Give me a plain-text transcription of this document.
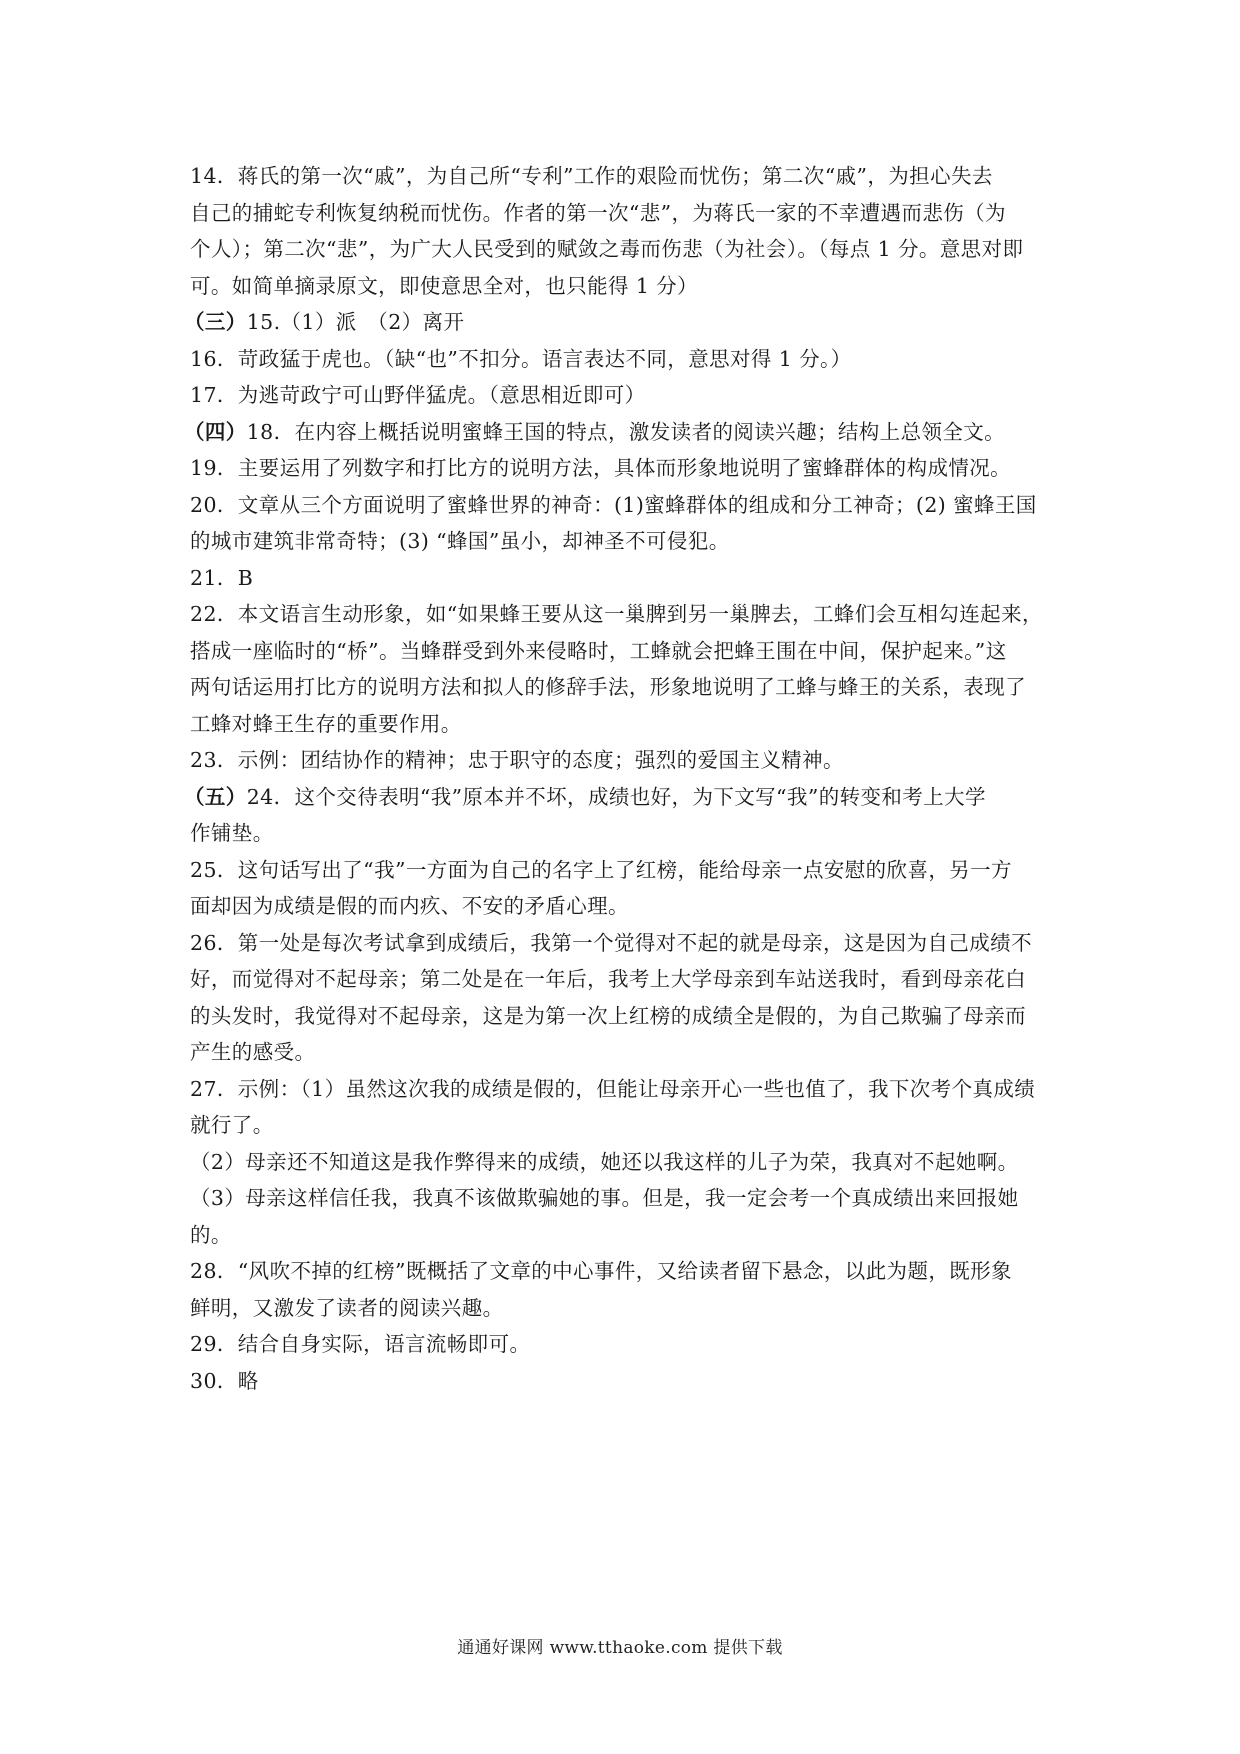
14．蒋氏的第一次“戚”，为自己所“专利”工作的艰险而忧伤；第二次“戚”，为担心失去
自己的捕蛇专利恢复纳税而忧伤。作者的第一次“悲”，为蒋氏一家的不幸遭遇而悲伤（为
个人）；第二次“悲”，为广大人民受到的赋敛之毒而伤悲（为社会）。（每点 1 分。意思对即
可。如简单摘录原文，即使意思全对，也只能得 1 分）
（三）15.（1）派　（2）离开
16．苛政猛于虎也。（缺“也”不扣分。语言表达不同，意思对得 1 分。）
17．为逃苛政宁可山野伴猛虎。（意思相近即可）
（四）18．在内容上概括说明蜜蜂王国的特点，激发读者的阅读兴趣；结构上总领全文。
19．主要运用了列数字和打比方的说明方法，具体而形象地说明了蜜蜂群体的构成情况。
20．文章从三个方面说明了蜜蜂世界的神奇：(1)蜜蜂群体的组成和分工神奇；(2) 蜜蜂王国
的城市建筑非常奇特；(3) “蜂国”虽小，却神圣不可侵犯。
21．B
22．本文语言生动形象，如“如果蜂王要从这一巢脾到另一巢脾去，工蜂们会互相勾连起来，
搭成一座临时的“桥”。当蜂群受到外来侵略时，工蜂就会把蜂王围在中间，保护起来。”这
两句话运用打比方的说明方法和拟人的修辞手法，形象地说明了工蜂与蜂王的关系，表现了
工蜂对蜂王生存的重要作用。
23．示例：团结协作的精神；忠于职守的态度；强烈的爱国主义精神。
（五）24．这个交待表明“我”原本并不坏，成绩也好，为下文写“我”的转变和考上大学
作铺垫。
25．这句话写出了“我”一方面为自己的名字上了红榜，能给母亲一点安慰的欣喜，另一方
面却因为成绩是假的而内疚、不安的矛盾心理。
26．第一处是每次考试拿到成绩后，我第一个觉得对不起的就是母亲，这是因为自己成绩不
好，而觉得对不起母亲；第二处是在一年后，我考上大学母亲到车站送我时，看到母亲花白
的头发时，我觉得对不起母亲，这是为第一次上红榜的成绩全是假的，为自己欺骗了母亲而
产生的感受。
27．示例：（1）虽然这次我的成绩是假的，但能让母亲开心一些也值了，我下次考个真成绩
就行了。
（2）母亲还不知道这是我作弊得来的成绩，她还以我这样的儿子为荣，我真对不起她啊。
（3）母亲这样信任我，我真不该做欺骗她的事。但是，我一定会考一个真成绩出来回报她
的。
28．“风吹不掉的红榜”既概括了文章的中心事件，又给读者留下悬念，以此为题，既形象
鲜明，又激发了读者的阅读兴趣。
29．结合自身实际，语言流畅即可。
30．略
通通好课网 www.tthaoke.com 提供下载
